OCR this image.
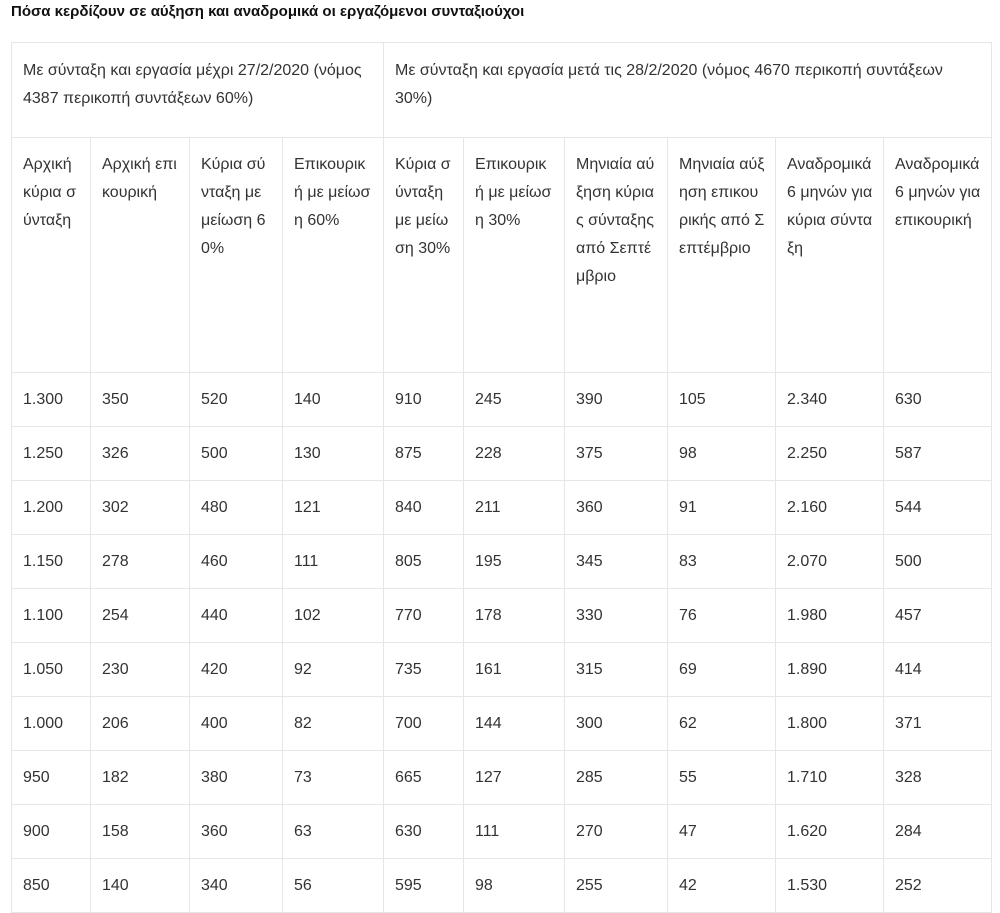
Πόσα κερδίζουν σε αύξηση και αναδρομικά οι εργαζόμενοι συνταξιούχοι
Με σύνταξη και εργασία μέχρι 27/2/2020 (νόμος 4387 περικοπή συντάξεων 60%)				Με σύνταξη και εργασία μετά τις 28/2/2020 (νόμος 4670 περικοπή συντάξεων 30%)					
Αρχική κύρια σύνταξη	Αρχική επικουρική	Κύρια σύνταξη με μείωση 60%	Επικουρική με μείωση 60%	Κύρια σύνταξη με μείωση 30%	Επικουρική με μείωση 30%	Μηνιαία αύξηση κύριας σύνταξης από Σεπτέμβριο	Μηνιαία αύξηση επικουρικής από Σεπτέμβριο	Αναδρομικά 6 μηνών για κύρια σύνταξη	Αναδρομικά 6 μηνών για επικουρική
1.300	350	520	140	910	245	390	105	2.340	630
1.250	326	500	130	875	228	375	98	2.250	587
1.200	302	480	121	840	211	360	91	2.160	544
1.150	278	460	111	805	195	345	83	2.070	500
1.100	254	440	102	770	178	330	76	1.980	457
1.050	230	420	92	735	161	315	69	1.890	414
1.000	206	400	82	700	144	300	62	1.800	371
950	182	380	73	665	127	285	55	1.710	328
900	158	360	63	630	111	270	47	1.620	284
850	140	340	56	595	98	255	42	1.530	252
